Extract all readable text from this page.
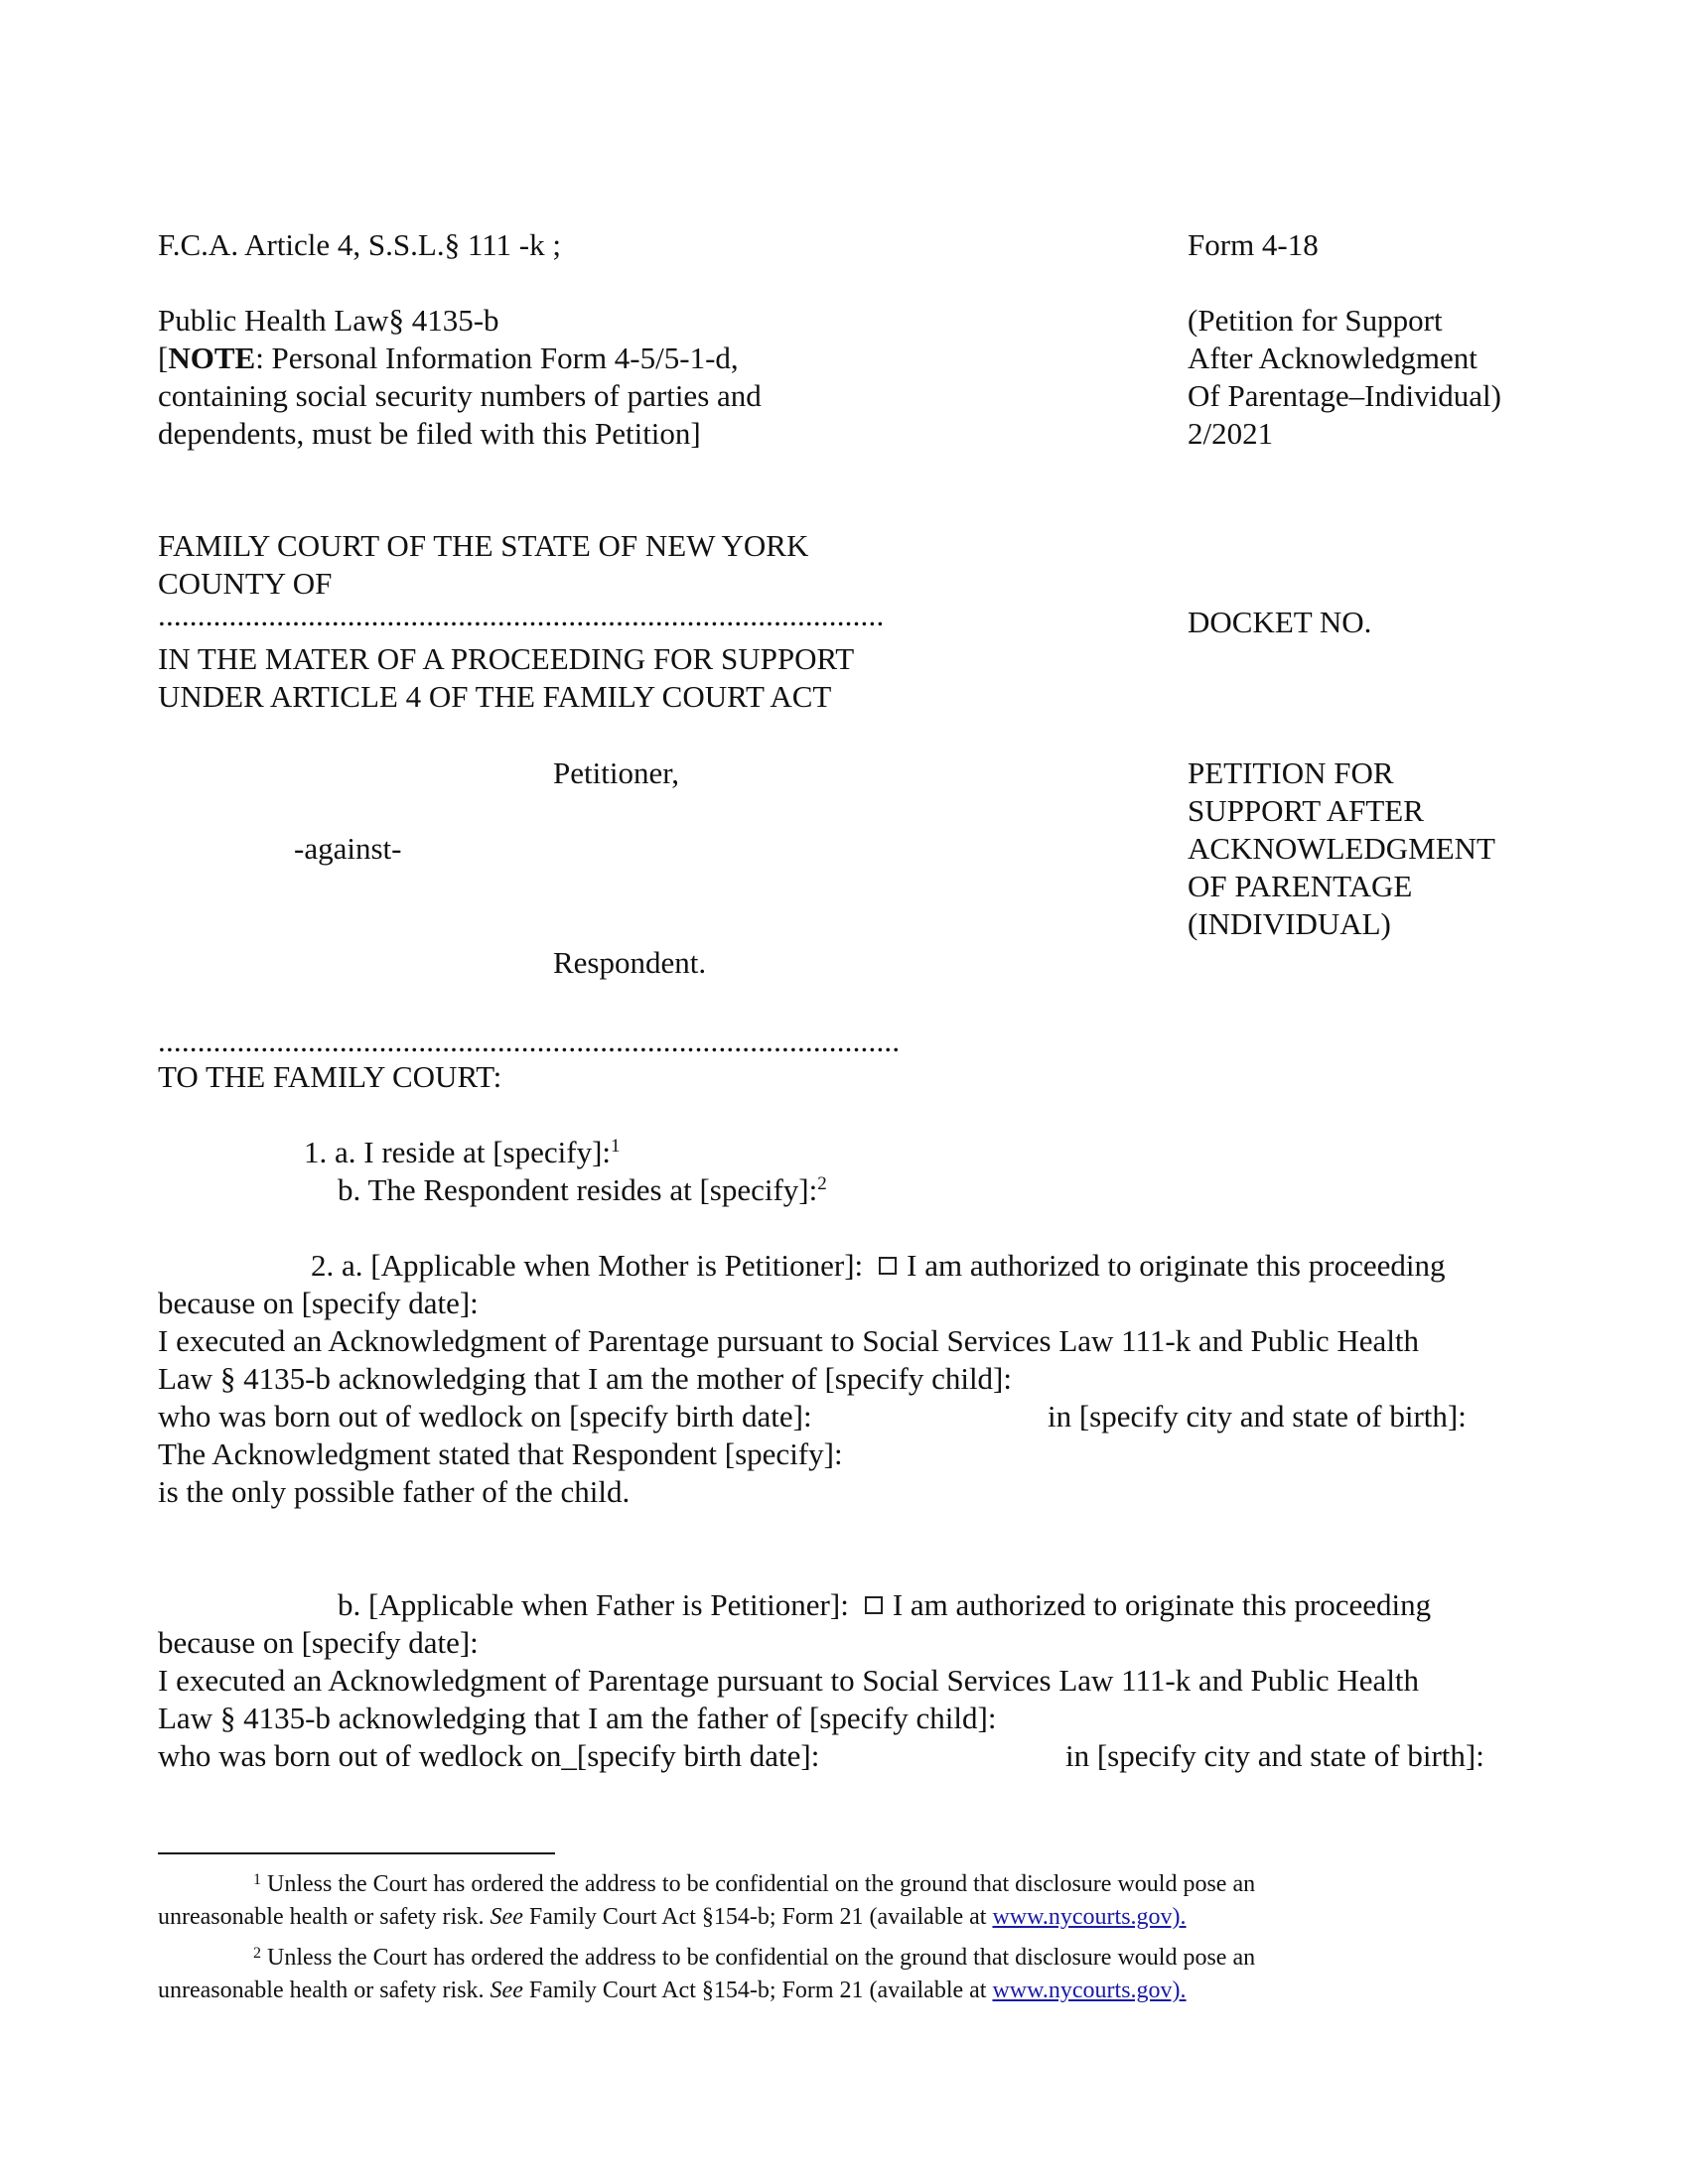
F.C.A. Article 4, S.S.L.§ 111 -k ;	Form 4-18
Public Health Law§ 4135-b
[NOTE: Personal Information Form 4-5/5-1-d,
containing social security numbers of parties and
dependents, must be filed with this Petition]
(Petition for Support
After Acknowledgment
Of Parentage–Individual)
2/2021
FAMILY COURT OF THE STATE OF NEW YORK
COUNTY OF
............................................................................................	DOCKET NO.
IN THE MATER OF A PROCEEDING FOR SUPPORT
UNDER ARTICLE 4 OF THE FAMILY COURT ACT
Petitioner,
-against-
Respondent.
PETITION FOR
SUPPORT AFTER
ACKNOWLEDGMENT
OF PARENTAGE
(INDIVIDUAL)
..............................................................................................
TO THE FAMILY COURT:
1. a. I reside at [specify]:$^1$
b. The Respondent resides at [specify]:$^2$
2. a. [Applicable when Mother is Petitioner]: I am authorized to originate this proceeding
because on [specify date]:
I executed an Acknowledgment of Parentage pursuant to Social Services Law 111-k and Public Health
Law § 4135-b acknowledging that I am the mother of [specify child]:
who was born out of wedlock on [specify birth date]:	in [specify city and state of birth]:
The Acknowledgment stated that Respondent [specify]:
is the only possible father of the child.
b. [Applicable when Father is Petitioner]: I am authorized to originate this proceeding
because on [specify date]:
I executed an Acknowledgment of Parentage pursuant to Social Services Law 111-k and Public Health
Law § 4135-b acknowledging that I am the father of [specify child]:
who was born out of wedlock on_[specify birth date]:	in [specify city and state of birth]:
$^1$ Unless the Court has ordered the address to be confidential on the ground that disclosure would pose an
unreasonable health or safety risk. See Family Court Act §154-b; Form 21 (available at www.nycourts.gov).
$^2$ Unless the Court has ordered the address to be confidential on the ground that disclosure would pose an
unreasonable health or safety risk. See Family Court Act §154-b; Form 21 (available at www.nycourts.gov).
